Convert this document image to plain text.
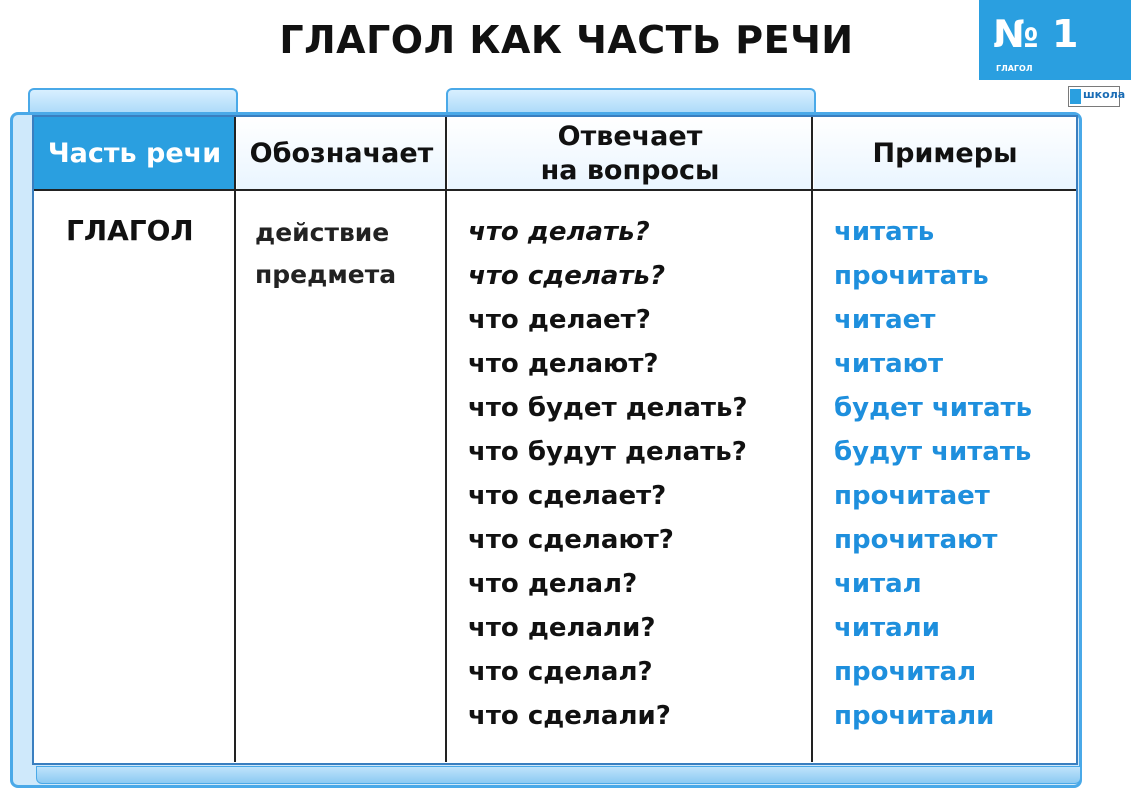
ГЛАГОЛ КАК ЧАСТЬ РЕЧИ	№ 1
ГЛАГОЛ
школа
Часть речи Обозначает
Отвечает
на вопросы
Примеры
ГЛАГОЛ действие
предмета
что делать?
что сделать?
что делает?
что делают?
что будет делать?
что будут делать?
что сделает?
что сделают?
что делал?
что делали?
что сделал?
что сделали?
читать
прочитать
читает
читают
будет читать
будут читать
прочитает
прочитают
читал
читали
прочитал
прочитали
